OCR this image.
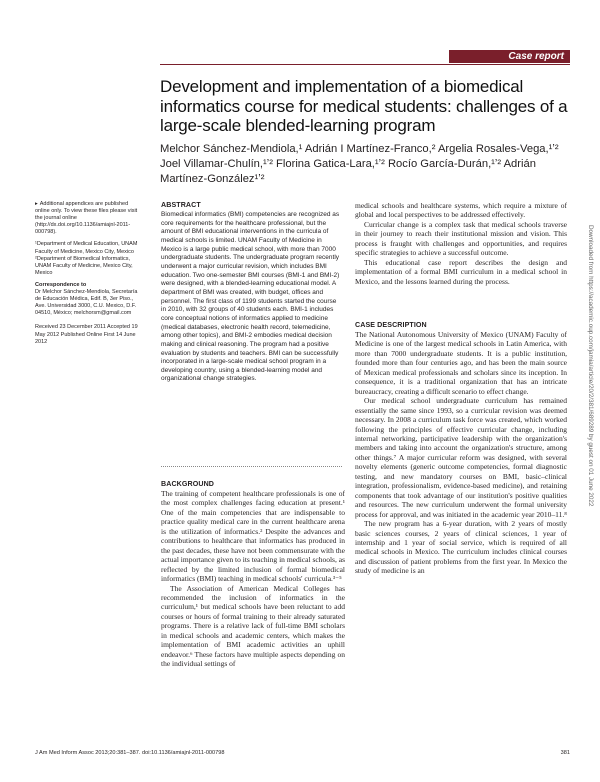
Case report
Development and implementation of a biomedical informatics course for medical students: challenges of a large-scale blended-learning program

Melchor Sánchez-Mendiola,¹ Adrián I Martínez-Franco,² Argelia Rosales-Vega,¹ʼ² Joel Villamar-Chulín,¹ʼ² Florina Gatica-Lara,¹ʼ² Rocío García-Durán,¹ʼ² Adrián Martínez-González¹ʼ²

▸ Additional appendices are published online only. To view these files please visit the journal online (http://dx.doi.org/10.1136/amiajnl-2011-000798).

¹Department of Medical Education, UNAM Faculty of Medicine, Mexico City, Mexico ²Department of Biomedical Informatics, UNAM Faculty of Medicine, Mexico City, Mexico

Correspondence to

Dr Melchor Sánchez-Mendiola, Secretaría de Educación Médica, Edif. B, 3er Piso., Ave. Universidad 3000, C.U. Mexico, D.F. 04510, México; melchorsm@gmail.com

Received 23 December 2011 Accepted 19 May 2012 Published Online First 14 June 2012

ABSTRACT

Biomedical informatics (BMI) competencies are recognized as core requirements for the healthcare professional, but the amount of BMI educational interventions in the curricula of medical schools is limited. UNAM Faculty of Medicine in Mexico is a large public medical school, with more than 7000 undergraduate students. The undergraduate program recently underwent a major curricular revision, which includes BMI education. Two one-semester BMI courses (BMI-1 and BMI-2) were designed, with a blended-learning educational model. A department of BMI was created, with budget, offices and personnel. The first class of 1199 students started the course in 2010, with 32 groups of 40 students each. BMI-1 includes core conceptual notions of informatics applied to medicine (medical databases, electronic health record, telemedicine, among other topics), and BMI-2 embodies medical decision making and clinical reasoning. The program had a positive evaluation by students and teachers. BMI can be successfully incorporated in a large-scale medical school program in a developing country, using a blended-learning model and organizational change strategies.

BACKGROUND

The training of competent healthcare professionals is one of the most complex challenges facing education at present.¹ One of the main competencies that are indispensable to practice quality medical care in the current healthcare arena is the utilization of informatics.² Despite the advances and contributions to healthcare that informatics has produced in the past decades, these have not been commensurate with the actual importance given to its teaching in medical schools, as reflected by the limited inclusion of formal biomedical informatics (BMI) teaching in medical schools' curricula.³⁻⁵

The Association of American Medical Colleges has recommended the inclusion of informatics in the curriculum,¹ but medical schools have been reluctant to add courses or hours of formal training to their already saturated programs. There is a relative lack of full-time BMI scholars in medical schools and academic centers, which makes the implementation of BMI academic activities an uphill endeavor.⁶ These factors have multiple aspects depending on the individual settings of

medical schools and healthcare systems, which require a mixture of global and local perspectives to be addressed effectively.

Curricular change is a complex task that medical schools traverse in their journey to reach their institutional mission and vision. This process is fraught with challenges and opportunities, and requires specific strategies to achieve a successful outcome.

This educational case report describes the design and implementation of a formal BMI curriculum in a medical school in Mexico, and the lessons learned during the process.

CASE DESCRIPTION

The National Autonomous University of Mexico (UNAM) Faculty of Medicine is one of the largest medical schools in Latin America, with more than 7000 undergraduate students. It is a public institution, founded more than four centuries ago, and has been the main source of Mexican medical professionals and scholars since its inception. In consequence, it is a traditional organization that has an intricate bureaucracy, creating a difficult scenario to effect change.

Our medical school undergraduate curriculum has remained essentially the same since 1993, so a curricular revision was deemed necessary. In 2008 a curriculum task force was created, which worked following the principles of effective curricular change, including internal networking, participative leadership with the organization's members and taking into account the organization's structure, among other things.⁷ A major curricular reform was designed, with several novelty elements (generic outcome competencies, formal diagnostic testing, and new mandatory courses on BMI, basic–clinical integration, professionalism, evidence-based medicine), and retaining components that took advantage of our institution's positive qualities and resources. The new curriculum underwent the formal university process for approval, and was initiated in the academic year 2010–11.⁸

The new program has a 6-year duration, with 2 years of mostly basic sciences courses, 2 years of clinical sciences, 1 year of internship and 1 year of social service, which is required of all medical schools in Mexico. The curriculum includes clinical courses and discussion of patient problems from the first year. In Mexico the study of medicine is an

Downloaded from https://academic.oup.com/jamia/article/20/2/381/689289 by guest on 01 June 2022
J Am Med Inform Assoc 2013;20:381–387. doi:10.1136/amiajnl-2011-000798	381
